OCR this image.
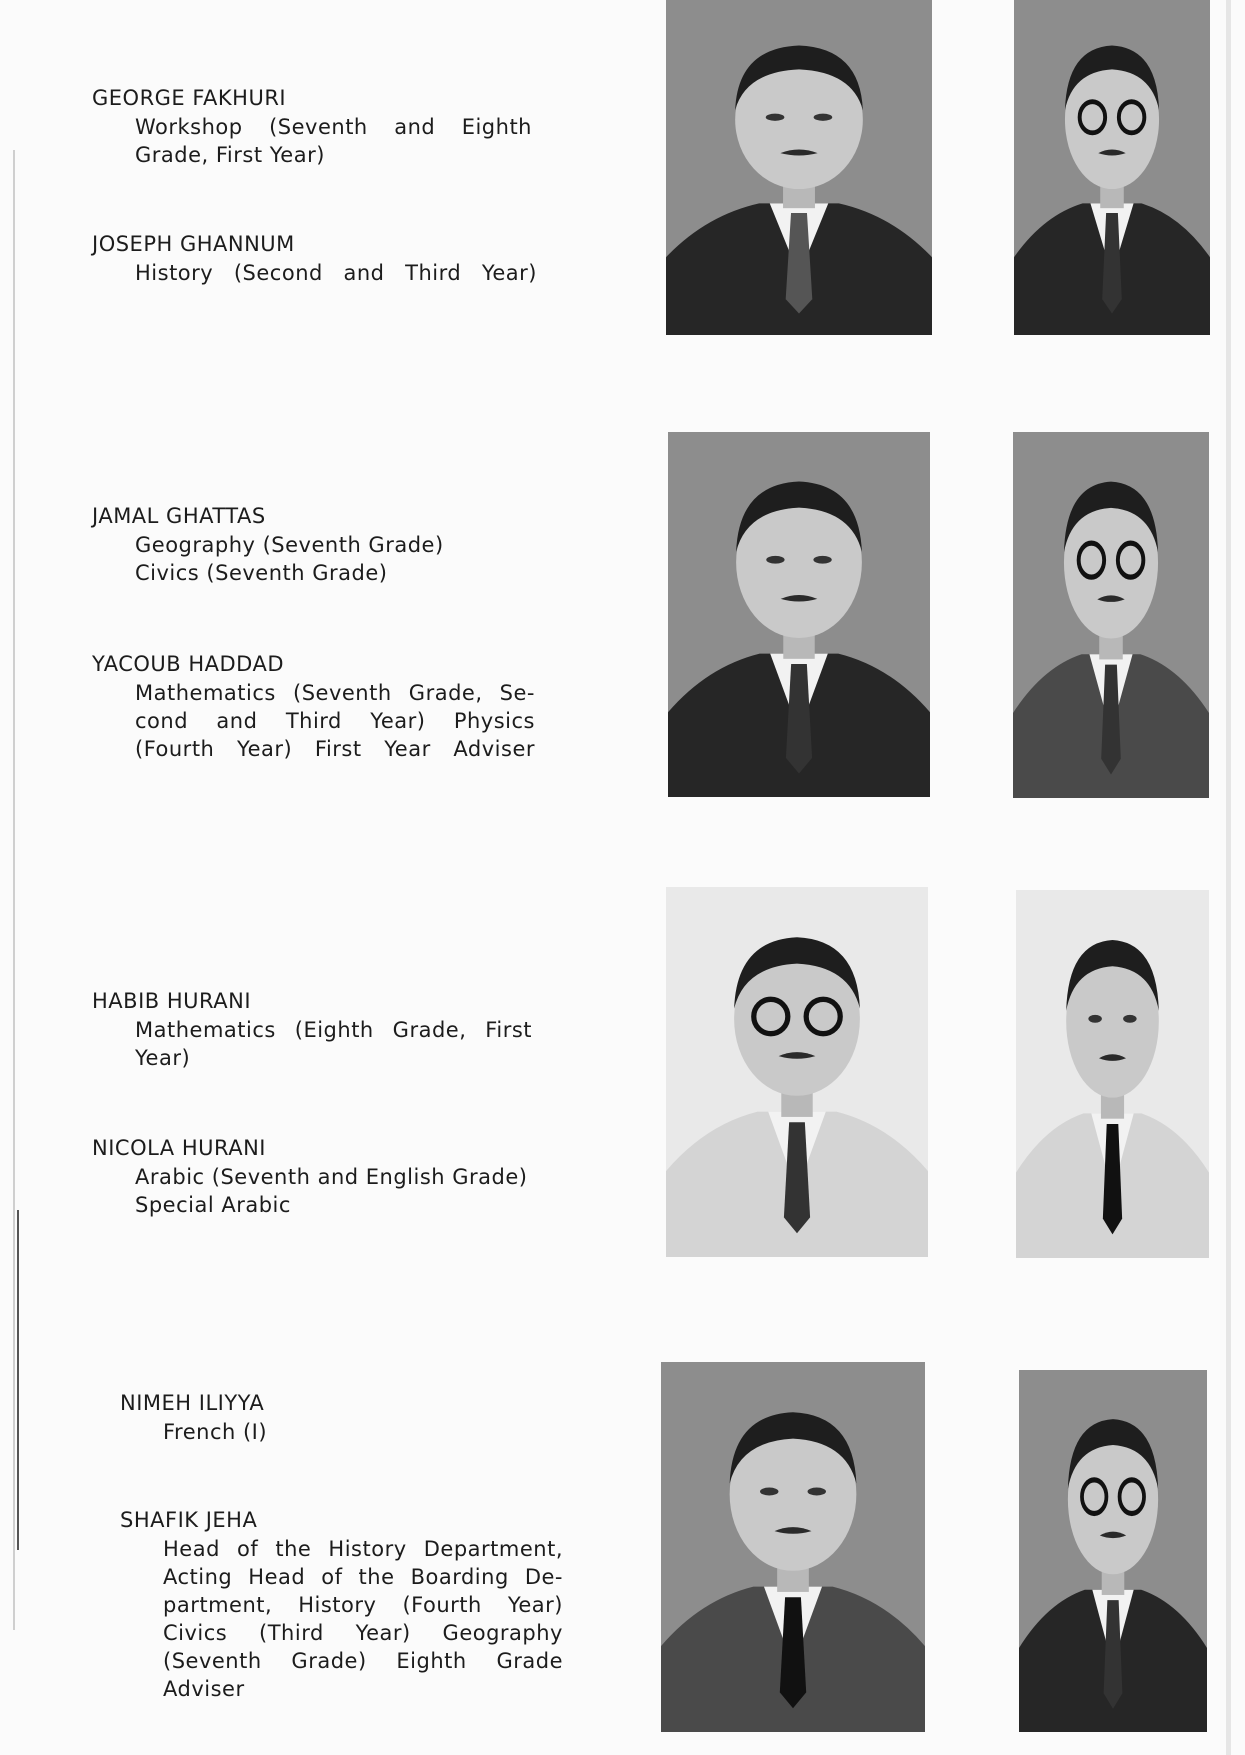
GEORGE FAKHURI

Workshop (Seventh and Eighth
Grade, First Year)

JOSEPH GHANNUM

History (Second and Third Year)

JAMAL GHATTAS

Geography (Seventh Grade)
Civics (Seventh Grade)

YACOUB HADDAD

Mathematics (Seventh Grade, Se-
cond and Third Year) Physics
(Fourth Year) First Year Adviser

HABIB HURANI

Mathematics (Eighth Grade, First
Year)

NICOLA HURANI

Arabic (Seventh and English Grade)
Special Arabic

NIMEH ILIYYA

French (I)

SHAFIK JEHA

Head of the History Department,
Acting Head of the Boarding De-
partment, History (Fourth Year)
Civics (Third Year) Geography
(Seventh Grade) Eighth Grade
Adviser
